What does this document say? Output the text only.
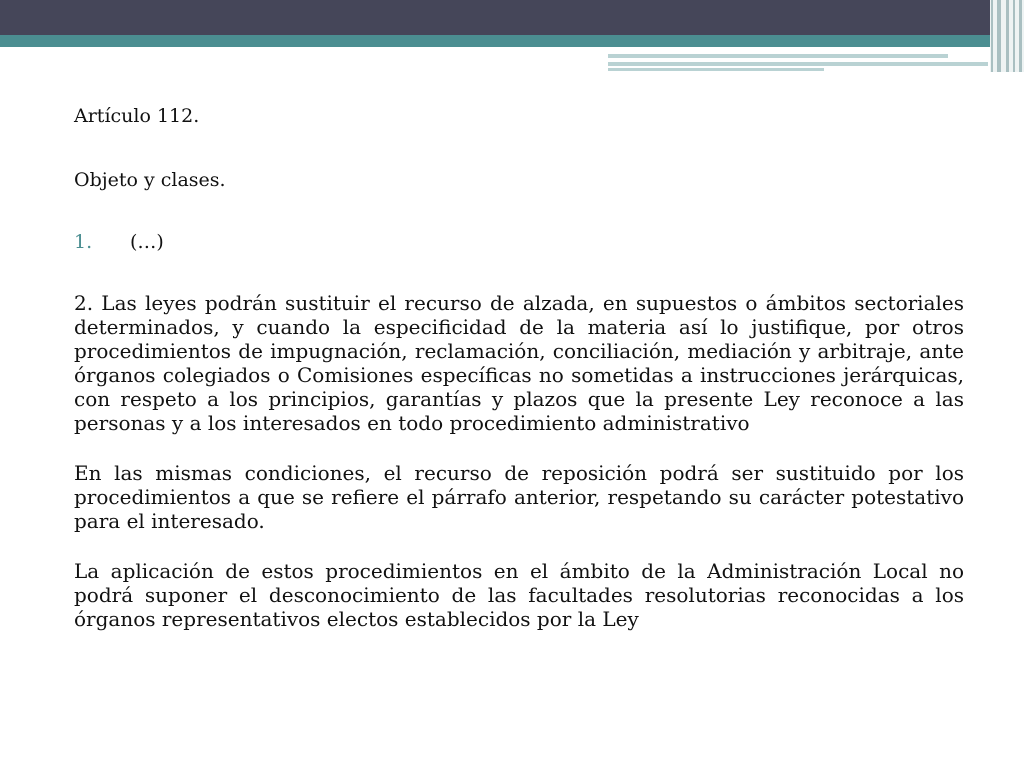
Artículo 112.

Objeto y clases.

1. (…)

2. Las leyes podrán sustituir el recurso de alzada, en supuestos o ámbitos sectoriales determinados, y cuando la especificidad de la materia así lo justifique, por otros procedimientos de impugnación, reclamación, conciliación, mediación y arbitraje, ante órganos colegiados o Comisiones específicas no sometidas a instrucciones jerárquicas, con respeto a los principios, garantías y plazos que la presente Ley reconoce a las personas y a los interesados en todo procedimiento administrativo

En las mismas condiciones, el recurso de reposición podrá ser sustituido por los procedimientos a que se refiere el párrafo anterior, respetando su carácter potestativo para el interesado.

La aplicación de estos procedimientos en el ámbito de la Administración Local no podrá suponer el desconocimiento de las facultades resolutorias reconocidas a los órganos representativos electos establecidos por la Ley
